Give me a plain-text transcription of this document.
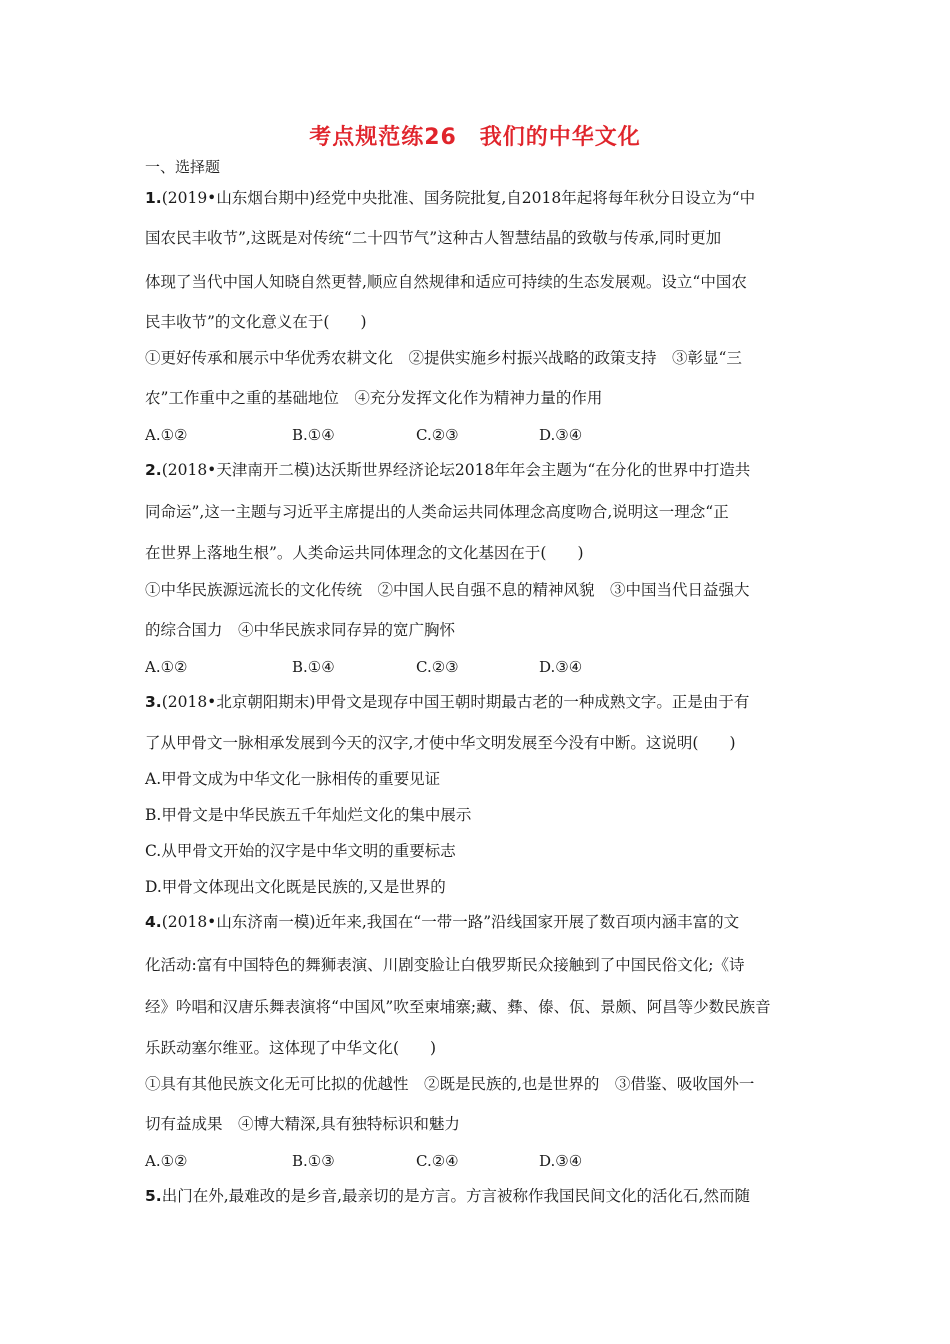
考点规范练26　我们的中华文化
一、选择题
1.(2019•山东烟台期中)经党中央批准、国务院批复,自2018年起将每年秋分日设立为“中
国农民丰收节”,这既是对传统“二十四节气”这种古人智慧结晶的致敬与传承,同时更加
体现了当代中国人知晓自然更替,顺应自然规律和适应可持续的生态发展观。设立“中国农
民丰收节”的文化意义在于(　　)
①更好传承和展示中华优秀农耕文化　②提供实施乡村振兴战略的政策支持　③彰显“三
农”工作重中之重的基础地位　④充分发挥文化作为精神力量的作用
A.①②	B.①④	C.②③	D.③④
2.(2018•天津南开二模)达沃斯世界经济论坛2018年年会主题为“在分化的世界中打造共
同命运”,这一主题与习近平主席提出的人类命运共同体理念高度吻合,说明这一理念“正
在世界上落地生根”。人类命运共同体理念的文化基因在于(　　)
①中华民族源远流长的文化传统　②中国人民自强不息的精神风貌　③中国当代日益强大
的综合国力　④中华民族求同存异的宽广胸怀
A.①②	B.①④	C.②③	D.③④
3.(2018•北京朝阳期末)甲骨文是现存中国王朝时期最古老的一种成熟文字。正是由于有
了从甲骨文一脉相承发展到今天的汉字,才使中华文明发展至今没有中断。这说明(　　)
A.甲骨文成为中华文化一脉相传的重要见证
B.甲骨文是中华民族五千年灿烂文化的集中展示
C.从甲骨文开始的汉字是中华文明的重要标志
D.甲骨文体现出文化既是民族的,又是世界的
4.(2018•山东济南一模)近年来,我国在“一带一路”沿线国家开展了数百项内涵丰富的文
化活动:富有中国特色的舞狮表演、川剧变脸让白俄罗斯民众接触到了中国民俗文化;《诗
经》吟唱和汉唐乐舞表演将“中国风”吹至柬埔寨;藏、彝、傣、佤、景颇、阿昌等少数民族音
乐跃动塞尔维亚。这体现了中华文化(　　)
①具有其他民族文化无可比拟的优越性　②既是民族的,也是世界的　③借鉴、吸收国外一
切有益成果　④博大精深,具有独特标识和魅力
A.①②	B.①③	C.②④	D.③④
5.出门在外,最难改的是乡音,最亲切的是方言。方言被称作我国民间文化的活化石,然而随
